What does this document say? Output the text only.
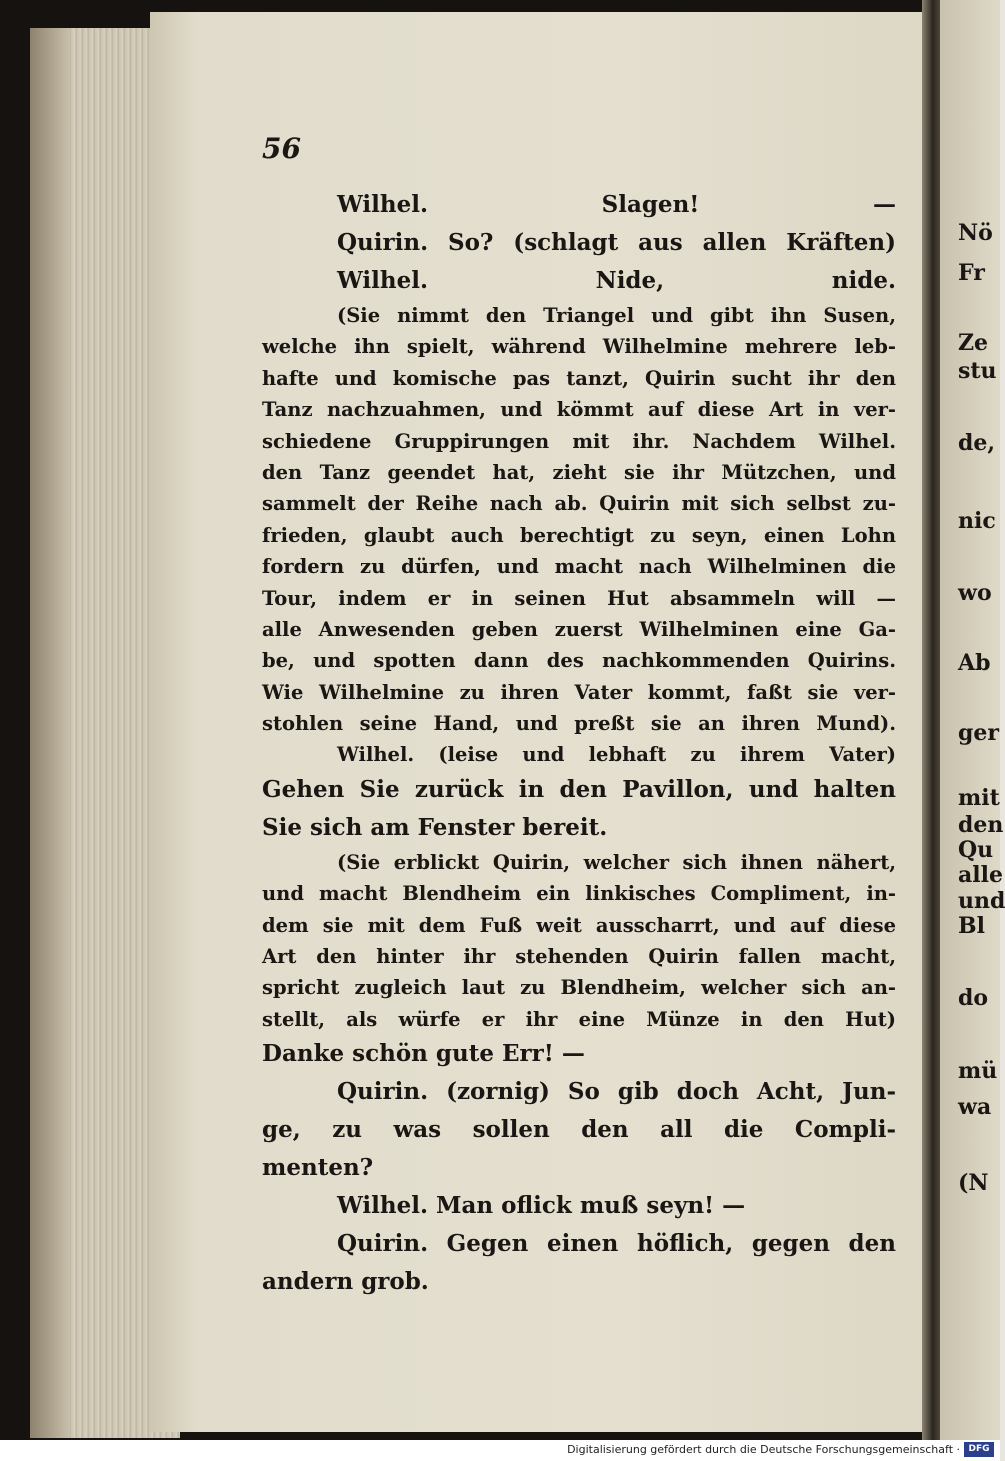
56
Wilhel. Slagen! —
Quirin. So? (schlagt aus allen Kräften)
Wilhel. Nide, nide.
(Sie nimmt den Triangel und gibt ihn Susen,
welche ihn spielt, während Wilhelmine mehrere leb-
hafte und komische pas tanzt, Quirin sucht ihr den
Tanz nachzuahmen, und kömmt auf diese Art in ver-
schiedene Gruppirungen mit ihr. Nachdem Wilhel.
den Tanz geendet hat, zieht sie ihr Mützchen, und
sammelt der Reihe nach ab. Quirin mit sich selbst zu-
frieden, glaubt auch berechtigt zu seyn, einen Lohn
fordern zu dürfen, und macht nach Wilhelminen die
Tour, indem er in seinen Hut absammeln will —
alle Anwesenden geben zuerst Wilhelminen eine Ga-
be, und spotten dann des nachkommenden Quirins.
Wie Wilhelmine zu ihren Vater kommt, faßt sie ver-
stohlen seine Hand, und preßt sie an ihren Mund).
Wilhel. (leise und lebhaft zu ihrem Vater)
Gehen Sie zurück in den Pavillon, und halten
Sie sich am Fenster bereit.
(Sie erblickt Quirin, welcher sich ihnen nähert,
und macht Blendheim ein linkisches Compliment, in-
dem sie mit dem Fuß weit ausscharrt, und auf diese
Art den hinter ihr stehenden Quirin fallen macht,
spricht zugleich laut zu Blendheim, welcher sich an-
stellt, als würfe er ihr eine Münze in den Hut)
Danke schön gute Err! —
Quirin. (zornig) So gib doch Acht, Jun-
ge, zu was sollen den all die Compli-
menten?
Wilhel. Man oflick muß seyn! —
Quirin. Gegen einen höflich, gegen den
andern grob.
Nö
Fr
Ze
stu
de,
nic
wo
Ab
ger
mit
den
Qu
alle
und
Bl
do
mü
wa
(N
Digitalisierung gefördert durch die Deutsche Forschungsgemeinschaft · DFG
